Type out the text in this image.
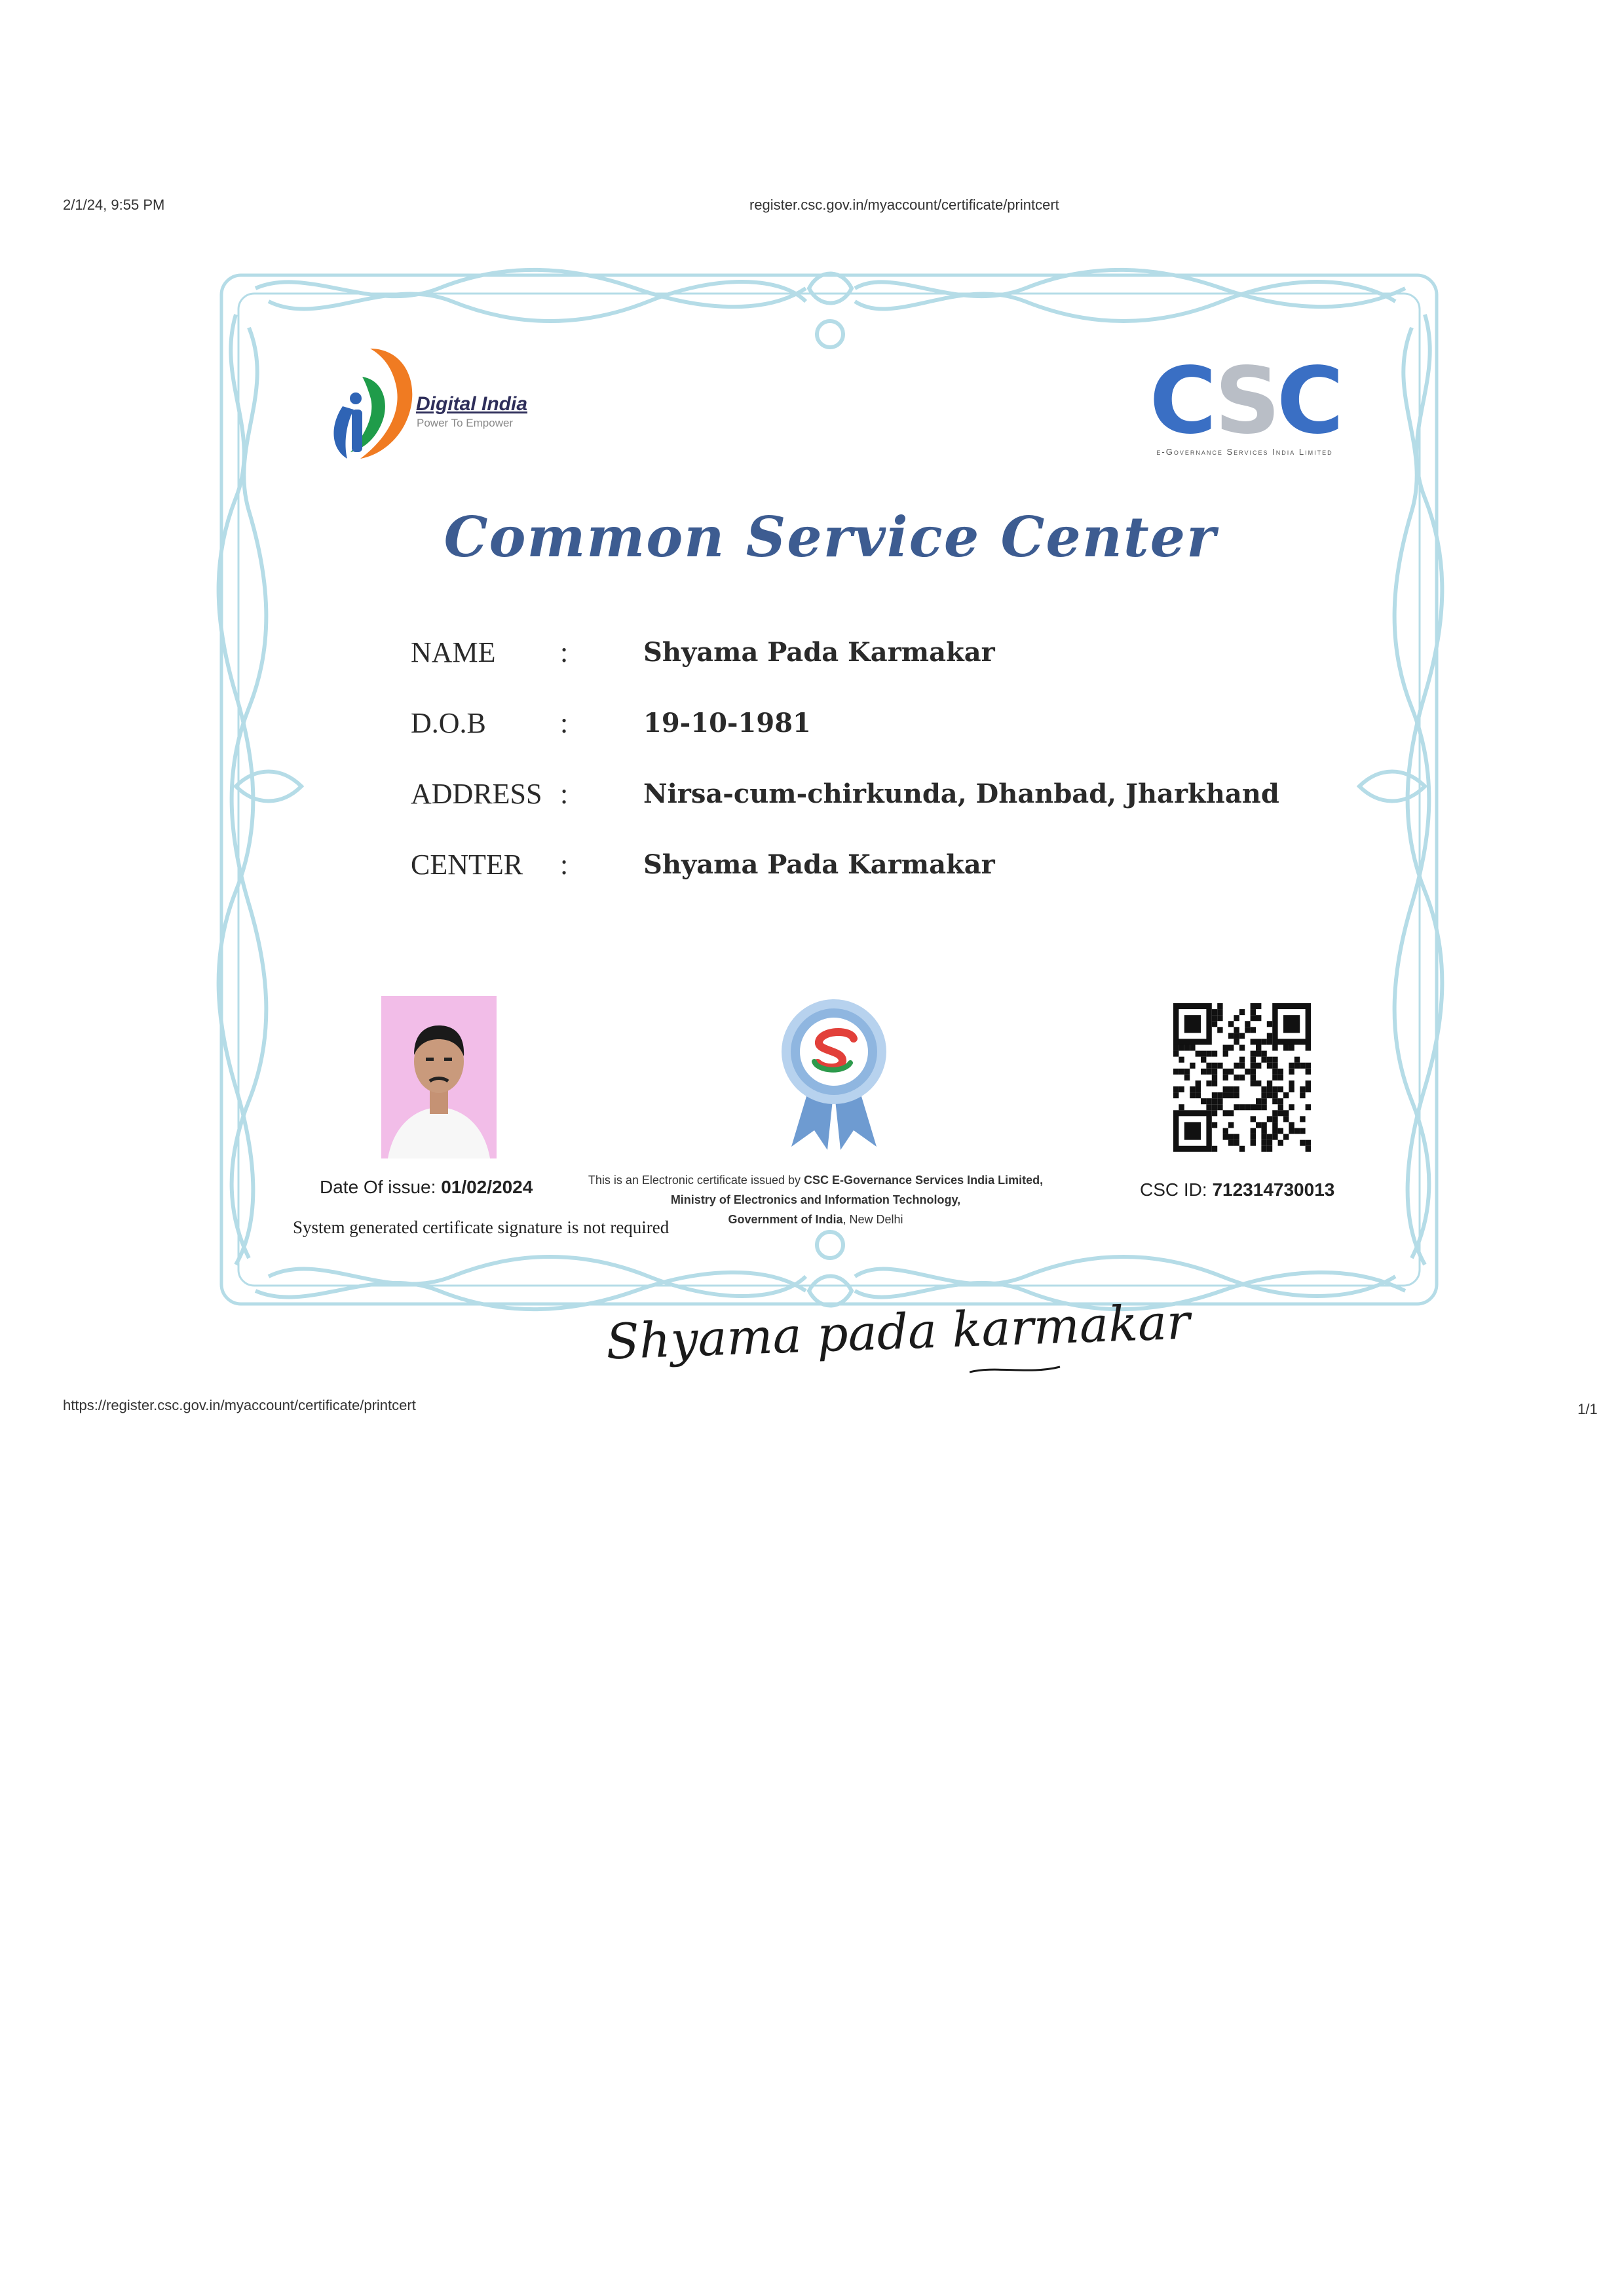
2/1/24, 9:55 PM	register.csc.gov.in/myaccount/certificate/printcert
Digital India
Power To Empower	CSC
e-Governance Services India Limited
Common Service Center
NAME :	Shyama Pada Karmakar
D.O.B	:	19-10-1981
ADDRESS :	Nirsa-cum-chirkunda, Dhanbad, Jharkhand
CENTER :	Shyama Pada Karmakar
Date Of issue: 01/02/2024
System generated certificate signature is not required
This is an Electronic certificate issued by CSC E-Governance Services India Limited,
Ministry of Electronics and Information Technology,
Government of India, New Delhi
CSC ID: 712314730013
Shyama pada karmakar
https://register.csc.gov.in/myaccount/certificate/printcert	1/1
